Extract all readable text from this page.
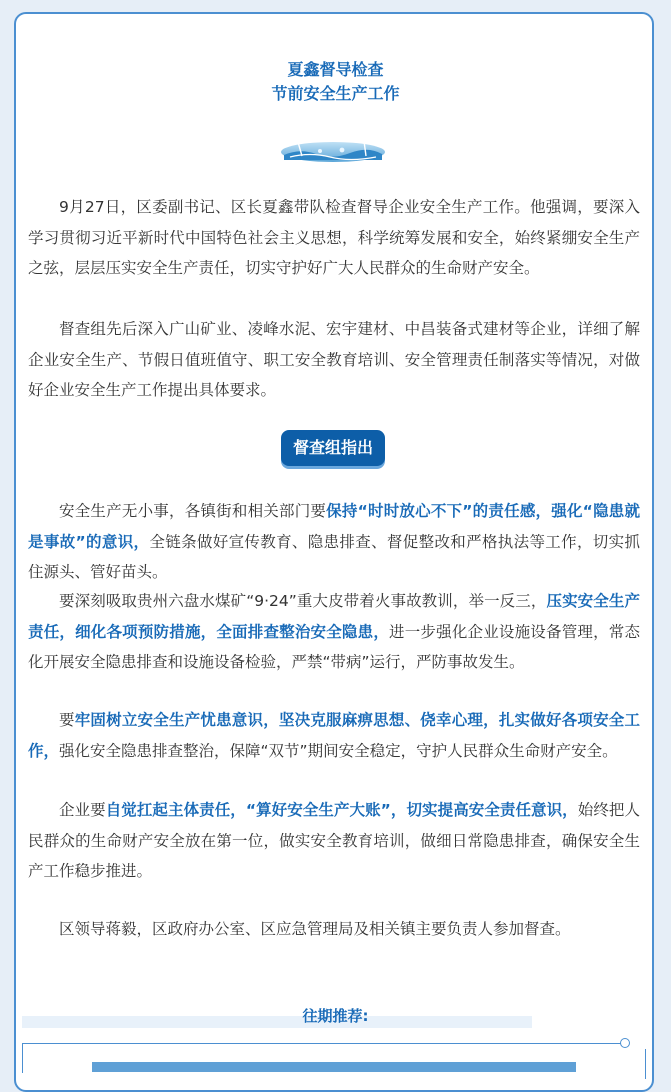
夏鑫督导检查
节前安全生产工作

9月27日，区委副书记、区长夏鑫带队检查督导企业安全生产工作。他强调，要深入学习贯彻习近平新时代中国特色社会主义思想，科学统筹发展和安全，始终紧绷安全生产之弦，层层压实安全生产责任，切实守护好广大人民群众的生命财产安全。

督查组先后深入广山矿业、凌峰水泥、宏宇建材、中昌装备式建材等企业，详细了解企业安全生产、节假日值班值守、职工安全教育培训、安全管理责任制落实等情况，对做好企业安全生产工作提出具体要求。

督查组指出

安全生产无小事，各镇街和相关部门要保持“时时放心不下”的责任感，强化“隐患就是事故”的意识，全链条做好宣传教育、隐患排查、督促整改和严格执法等工作，切实抓住源头、管好苗头。

要深刻吸取贵州六盘水煤矿“9·24”重大皮带着火事故教训，举一反三，压实安全生产责任，细化各项预防措施，全面排查整治安全隐患，进一步强化企业设施设备管理，常态化开展安全隐患排查和设施设备检验，严禁“带病”运行，严防事故发生。

要牢固树立安全生产忧患意识，坚决克服麻痹思想、侥幸心理，扎实做好各项安全工作，强化安全隐患排查整治，保障“双节”期间安全稳定，守护人民群众生命财产安全。

企业要自觉扛起主体责任，“算好安全生产大账”，切实提高安全责任意识，始终把人民群众的生命财产安全放在第一位，做实安全教育培训，做细日常隐患排查，确保安全生产工作稳步推进。

区领导蒋毅，区政府办公室、区应急管理局及相关镇主要负责人参加督查。

往期推荐:
